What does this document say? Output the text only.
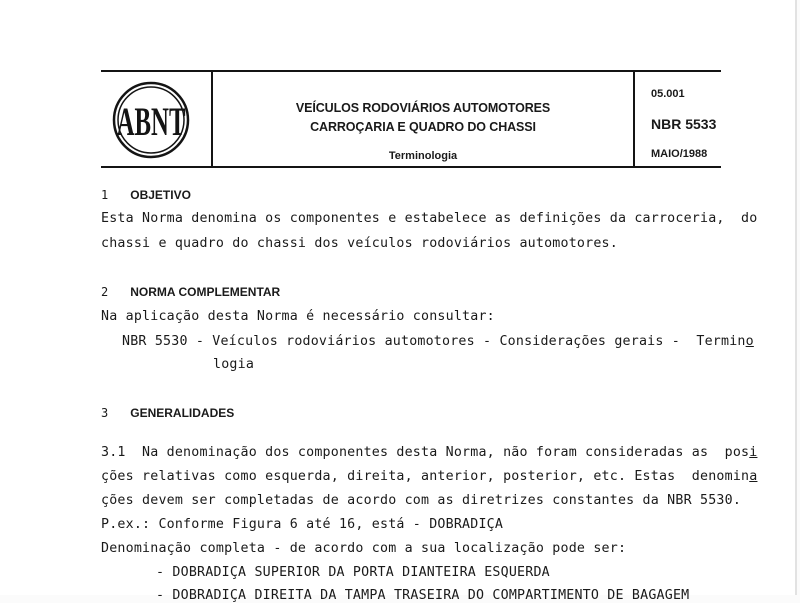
ABNT	VEÍCULOS RODOVIÁRIOS AUTOMOTORES
CARROÇARIA E QUADRO DO CHASSI
Terminologia
05.001
NBR 5533
MAIO/1988
1 OBJETIVO
Esta Norma denomina os componentes e estabelece as definições da carroceria,  do
chassi e quadro do chassi dos veículos rodoviários automotores.
2 NORMA COMPLEMENTAR
Na aplicação desta Norma é necessário consultar:
NBR 5530 - Veículos rodoviários automotores - Considerações gerais -  Termino
logia
3 GENERALIDADES
3.1  Na denominação dos componentes desta Norma, não foram consideradas as  posi
ções relativas como esquerda, direita, anterior, posterior, etc. Estas  denomina
ções devem ser completadas de acordo com as diretrizes constantes da NBR 5530.
P.ex.: Conforme Figura 6 até 16, está - DOBRADIÇA
Denominação completa - de acordo com a sua localização pode ser:
- DOBRADIÇA SUPERIOR DA PORTA DIANTEIRA ESQUERDA
- DOBRADIÇA DIREITA DA TAMPA TRASEIRA DO COMPARTIMENTO DE BAGAGEM
